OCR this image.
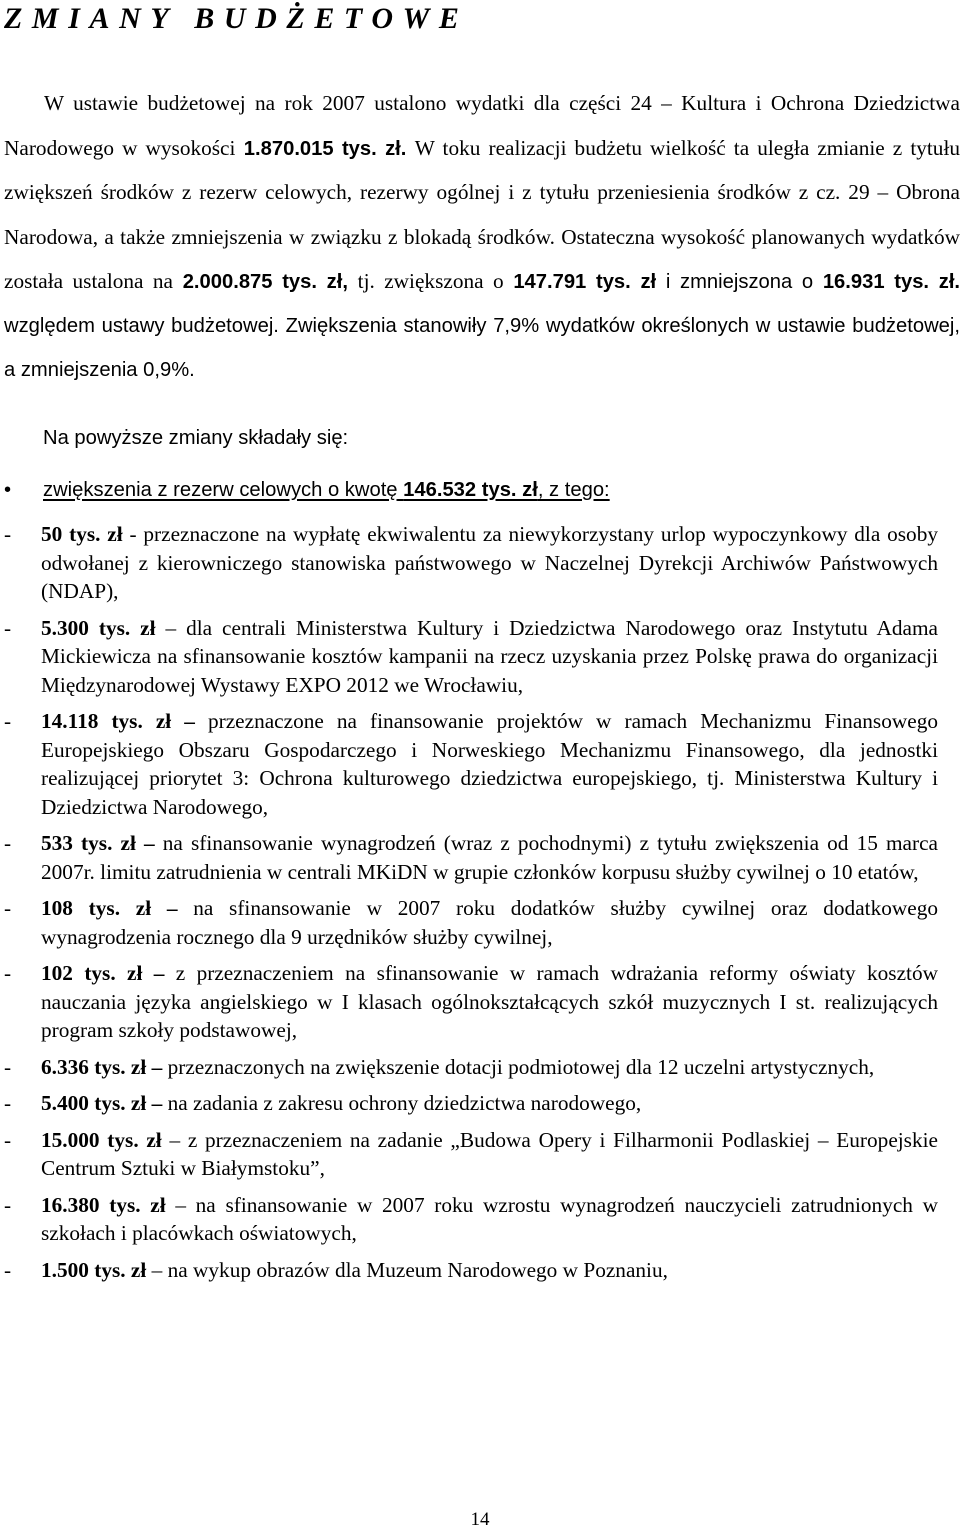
ZMIANY BUDŻETOWE

W ustawie budżetowej na rok 2007 ustalono wydatki dla części 24 – Kultura i Ochrona Dziedzictwa Narodowego w wysokości 1.870.015 tys. zł. W toku realizacji budżetu wielkość ta uległa zmianie z tytułu zwiększeń środków z rezerw celowych, rezerwy ogólnej i z tytułu przeniesienia środków z cz. 29 – Obrona Narodowa, a także zmniejszenia w związku z blokadą środków. Ostateczna wysokość planowanych wydatków została ustalona na 2.000.875 tys. zł, tj. zwiększona o 147.791 tys. zł i zmniejszona o 16.931 tys. zł. względem ustawy budżetowej. Zwiększenia stanowiły 7,9% wydatków określonych w ustawie budżetowej, a zmniejszenia 0,9%.

Na powyższe zmiany składały się:

• zwiększenia z rezerw celowych o kwotę 146.532 tys. zł, z tego:

-	50 tys. zł - przeznaczone na wypłatę ekwiwalentu za niewykorzystany urlop wypoczynkowy dla osoby odwołanej z kierowniczego stanowiska państwowego w Naczelnej Dyrekcji Archiwów Państwowych (NDAP),
-	5.300 tys. zł – dla centrali Ministerstwa Kultury i Dziedzictwa Narodowego oraz Instytutu Adama Mickiewicza na sfinansowanie kosztów kampanii na rzecz uzyskania przez Polskę prawa do organizacji Międzynarodowej Wystawy EXPO 2012 we Wrocławiu,
-	14.118 tys. zł – przeznaczone na finansowanie projektów w ramach Mechanizmu Finansowego Europejskiego Obszaru Gospodarczego i Norweskiego Mechanizmu Finansowego, dla jednostki realizującej priorytet 3: Ochrona kulturowego dziedzictwa europejskiego, tj. Ministerstwa Kultury i Dziedzictwa Narodowego,
-	533 tys. zł – na sfinansowanie wynagrodzeń (wraz z pochodnymi) z tytułu zwiększenia od 15 marca 2007r. limitu zatrudnienia w centrali MKiDN w grupie członków korpusu służby cywilnej o 10 etatów,
-	108 tys. zł – na sfinansowanie w 2007 roku dodatków służby cywilnej oraz dodatkowego wynagrodzenia rocznego dla 9 urzędników służby cywilnej,
-	102 tys. zł – z przeznaczeniem na sfinansowanie w ramach wdrażania reformy oświaty kosztów nauczania języka angielskiego w I klasach ogólnokształcących szkół muzycznych I st. realizujących program szkoły podstawowej,
-	6.336 tys. zł – przeznaczonych na zwiększenie dotacji podmiotowej dla 12 uczelni artystycznych,
-	5.400 tys. zł – na zadania z zakresu ochrony dziedzictwa narodowego,
-	15.000 tys. zł – z przeznaczeniem na zadanie „Budowa Opery i Filharmonii Podlaskiej – Europejskie Centrum Sztuki w Białymstoku”,
-	16.380 tys. zł – na sfinansowanie w 2007 roku wzrostu wynagrodzeń nauczycieli zatrudnionych w szkołach i placówkach oświatowych,
-	1.500 tys. zł – na wykup obrazów dla Muzeum Narodowego w Poznaniu,
14
